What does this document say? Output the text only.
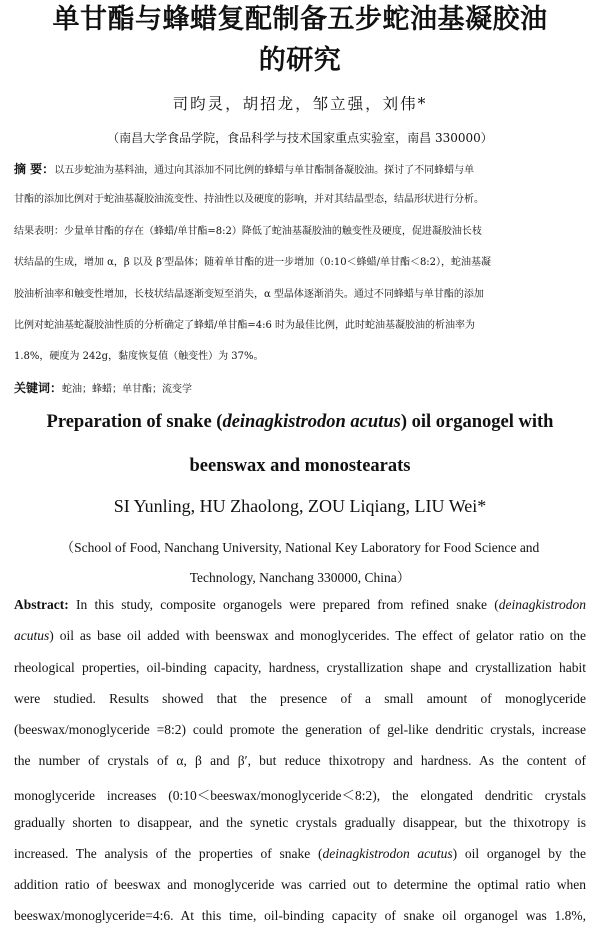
单甘酯与蜂蜡复配制备五步蛇油基凝胶油
的研究
司昀灵，胡招龙，邹立强，刘伟*
（南昌大学食品学院，食品科学与技术国家重点实验室，南昌 330000）
摘 要：以五步蛇油为基料油，通过向其添加不同比例的蜂蜡与单甘酯制备凝胶油。探讨了不同蜂蜡与单
甘酯的添加比例对于蛇油基凝胶油流变性、持油性以及硬度的影响，并对其结晶型态，结晶形状进行分析。
结果表明：少量单甘酯的存在（蜂蜡/单甘酯=8:2）降低了蛇油基凝胶油的触变性及硬度，促进凝胶油长枝
状结晶的生成，增加 α，β 以及 β′型晶体；随着单甘酯的进一步增加（0:10＜蜂蜡/单甘酯＜8:2），蛇油基凝
胶油析油率和触变性增加，长枝状结晶逐渐变短至消失，α 型晶体逐渐消失。通过不同蜂蜡与单甘酯的添加
比例对蛇油基蛇凝胶油性质的分析确定了蜂蜡/单甘酯=4:6 时为最佳比例，此时蛇油基凝胶油的析油率为
1.8%，硬度为 242g，黏度恢复值（触变性）为 37%。
关键词：蛇油；蜂蜡；单甘酯；流变学
Preparation of snake (deinagkistrodon acutus) oil organogel with
beenswax and monostearats
SI Yunling, HU Zhaolong, ZOU Liqiang, LIU Wei*
（School of Food, Nanchang University, National Key Laboratory for Food Science and
Technology, Nanchang 330000, China）
Abstract: In this study, composite organogels were prepared from refined snake (deinagkistrodon
acutus) oil as base oil added with beenswax and monoglycerides. The effect of gelator ratio on the
rheological properties, oil-binding capacity, hardness, crystallization shape and crystallization habit
were studied. Results showed that the presence of a small amount of monoglyceride
(beeswax/monoglyceride =8:2) could promote the generation of gel-like dendritic crystals, increase
the number of crystals of α, β and β′, but reduce thixotropy and hardness. As the content of
monoglyceride increases (0:10＜beeswax/monoglyceride＜8:2), the elongated dendritic crystals
gradually shorten to disappear, and the synetic crystals gradually disappear, but the thixotropy is
increased. The analysis of the properties of snake (deinagkistrodon acutus) oil organogel by the
addition ratio of beeswax and monoglyceride was carried out to determine the optimal ratio when
beeswax/monoglyceride=4:6. At this time, oil-binding capacity of snake oil organogel was 1.8%,
